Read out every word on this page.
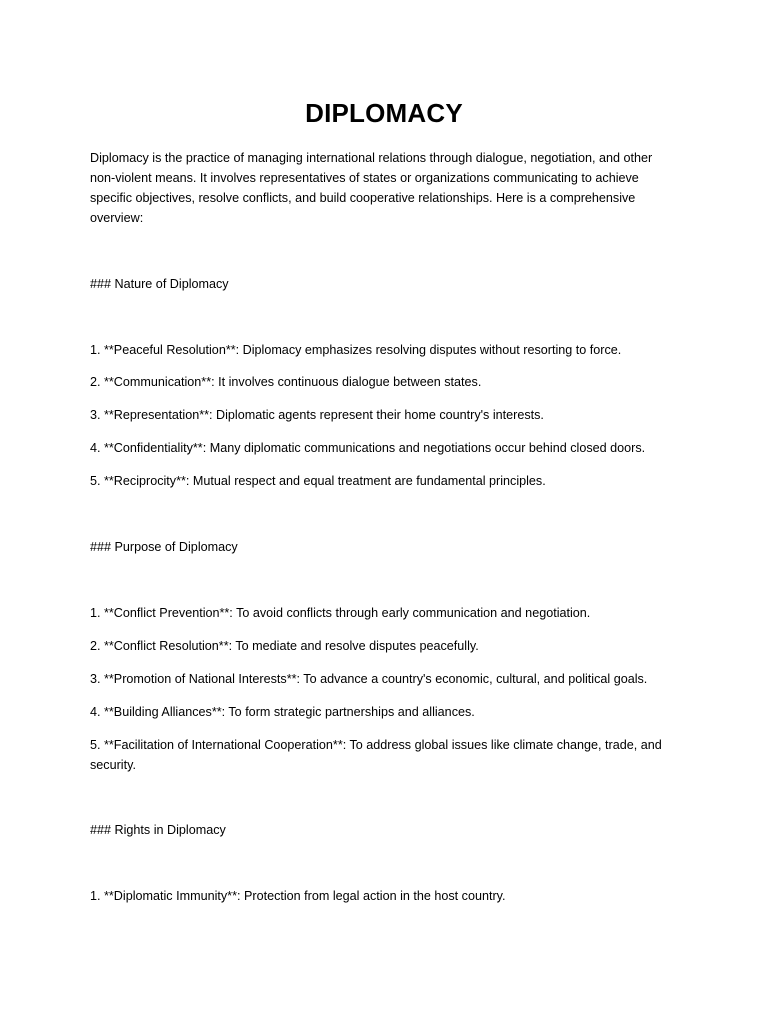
DIPLOMACY

Diplomacy is the practice of managing international relations through dialogue, negotiation, and other non-violent means. It involves representatives of states or organizations communicating to achieve specific objectives, resolve conflicts, and build cooperative relationships. Here is a comprehensive overview:

### Nature of Diplomacy

1. **Peaceful Resolution**: Diplomacy emphasizes resolving disputes without resorting to force.

2. **Communication**: It involves continuous dialogue between states.

3. **Representation**: Diplomatic agents represent their home country's interests.

4. **Confidentiality**: Many diplomatic communications and negotiations occur behind closed doors.

5. **Reciprocity**: Mutual respect and equal treatment are fundamental principles.

### Purpose of Diplomacy

1. **Conflict Prevention**: To avoid conflicts through early communication and negotiation.

2. **Conflict Resolution**: To mediate and resolve disputes peacefully.

3. **Promotion of National Interests**: To advance a country's economic, cultural, and political goals.

4. **Building Alliances**: To form strategic partnerships and alliances.

5. **Facilitation of International Cooperation**: To address global issues like climate change, trade, and security.

### Rights in Diplomacy

1. **Diplomatic Immunity**: Protection from legal action in the host country.
